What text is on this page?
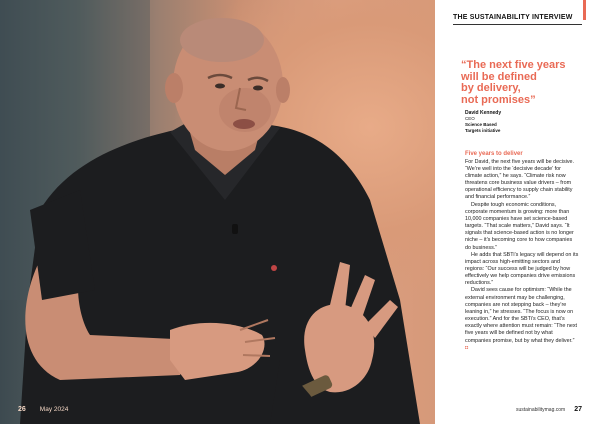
26 May 2024
THE SUSTAINABILITY INTERVIEW
“The next five years
will be defined
by delivery,
not promises”
David Kennedy
CEO
Science Based
Targets initiative
Five years to deliver

For David, the next five years will be decisive. “We’re well into the ‘decisive decade’ for climate action,” he says. “Climate risk now threatens core business value drivers – from operational efficiency to supply chain stability and financial performance.”

Despite tough economic conditions, corporate momentum is growing: more than 10,000 companies have set science-based targets. “That scale matters,” David says. “It signals that science-based action is no longer niche – it’s becoming core to how companies do business.”

He adds that SBTi’s legacy will depend on its impact across high-emitting sectors and regions: “Our success will be judged by how effectively we help companies drive emissions reductions.”

David sees cause for optimism: “While the external environment may be challenging, companies are not stepping back – they’re leaning in,” he stresses. “The focus is now on execution.” And for the SBTi’s CEO, that’s exactly where attention must remain: “The next five years will be defined not by what companies promise, but by what they deliver.” ◘

sustainabilitymag.com 27
